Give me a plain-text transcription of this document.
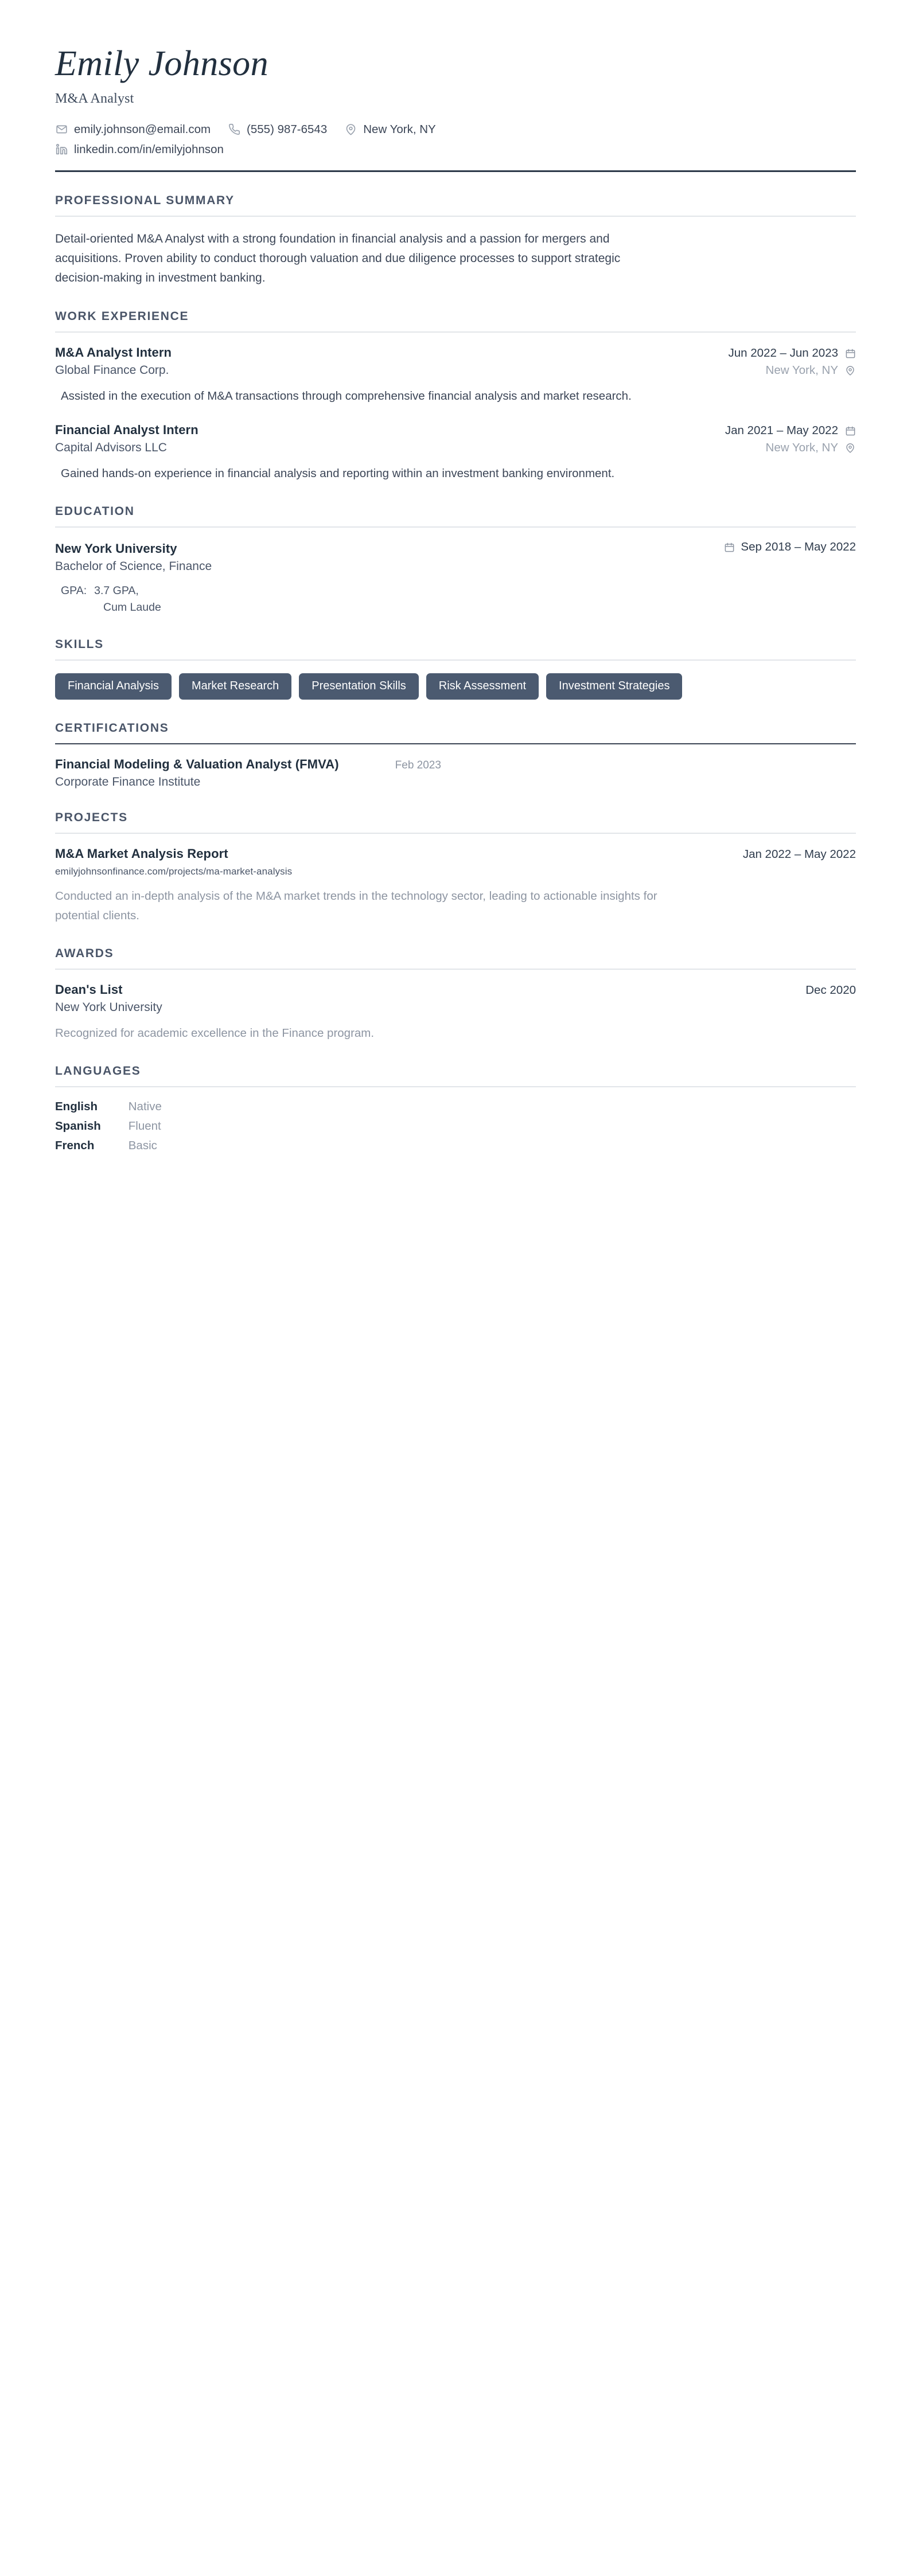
Emily Johnson
M&A Analyst
emily.johnson@email.com	(555) 987-6543	New York, NY
linkedin.com/in/emilyjohnson
PROFESSIONAL SUMMARY

Detail-oriented M&A Analyst with a strong foundation in financial analysis and a passion for mergers and acquisitions. Proven ability to conduct thorough valuation and due diligence processes to support strategic decision-making in investment banking.

WORK EXPERIENCE
M&A Analyst Intern	Jun 2022 – Jun 2023
Global Finance Corp.	New York, NY

Assisted in the execution of M&A transactions through comprehensive financial analysis and market research.

Financial Analyst Intern	Jan 2021 – May 2022
Capital Advisors LLC	New York, NY

Gained hands-on experience in financial analysis and reporting within an investment banking environment.

EDUCATION
New York University	Sep 2018 – May 2022
Bachelor of Science, Finance
GPA: 3.7 GPA,
Cum Laude
SKILLS
Financial Analysis	Market Research	Presentation Skills	Risk Assessment	Investment Strategies
CERTIFICATIONS
Financial Modeling & Valuation Analyst (FMVA)	Feb 2023
Corporate Finance Institute
PROJECTS
M&A Market Analysis Report	Jan 2022 – May 2022
emilyjohnsonfinance.com/projects/ma-market-analysis

Conducted an in-depth analysis of the M&A market trends in the technology sector, leading to actionable insights for potential clients.

AWARDS
Dean's List	Dec 2020
New York University

Recognized for academic excellence in the Finance program.

LANGUAGES
English	Native
Spanish	Fluent
French	Basic
